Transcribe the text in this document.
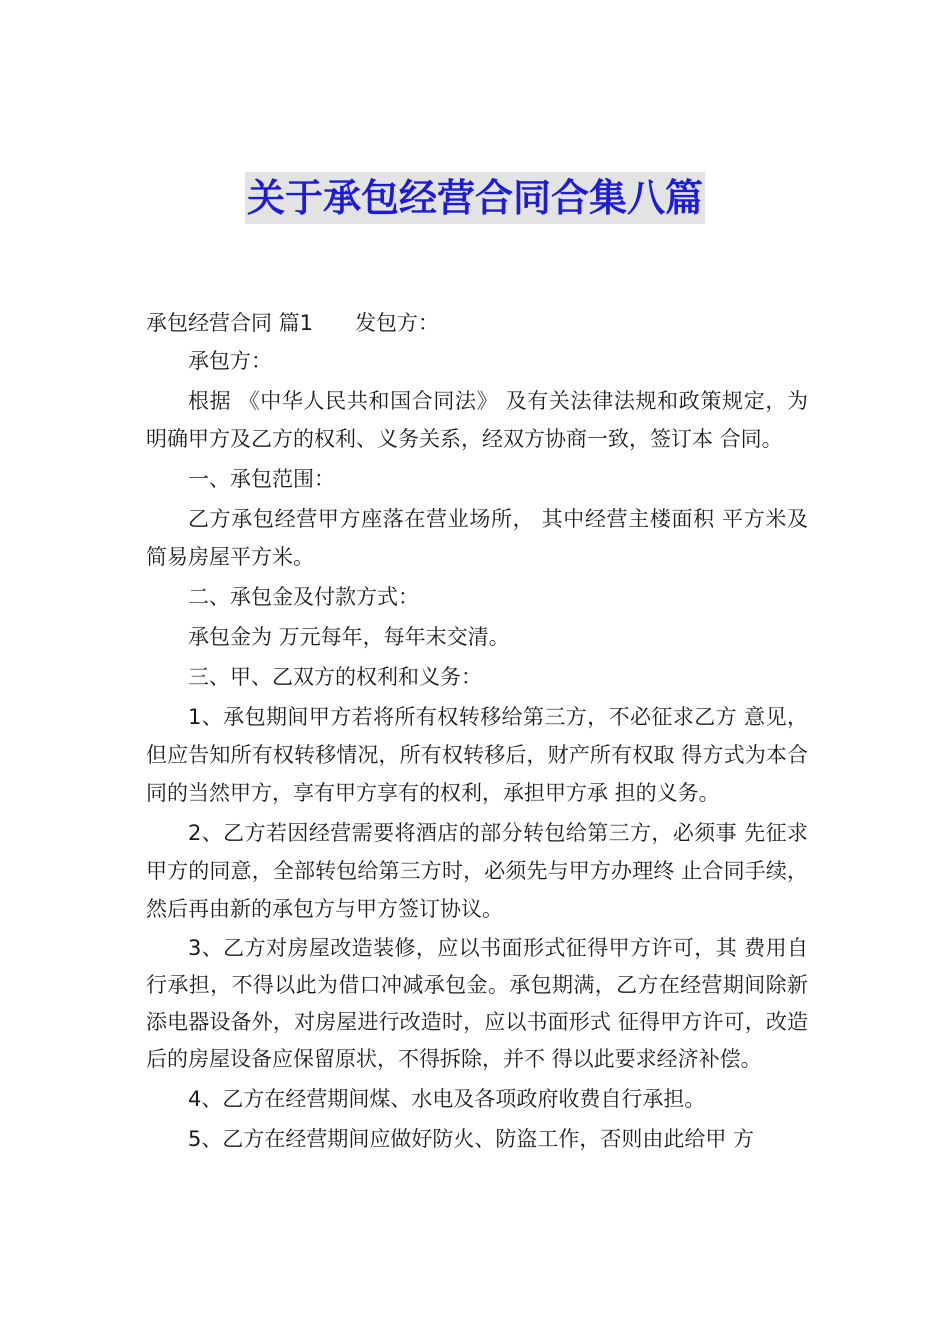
关于承包经营合同合集八篇

承包经营合同 篇1 发包方：

承包方：

根据 《中华人民共和国合同法》 及有关法律法规和政策规定，为明确甲方及乙方的权利、义务关系，经双方协商一致，签订本 合同。

一、承包范围：

乙方承包经营甲方座落在营业场所， 其中经营主楼面积 平方米及简易房屋平方米。

二、承包金及付款方式：

承包金为 万元每年，每年末交清。

三、甲、乙双方的权利和义务：

1、承包期间甲方若将所有权转移给第三方，不必征求乙方 意见，但应告知所有权转移情况，所有权转移后，财产所有权取 得方式为本合同的当然甲方，享有甲方享有的权利，承担甲方承 担的义务。

2、乙方若因经营需要将酒店的部分转包给第三方，必须事 先征求甲方的同意，全部转包给第三方时，必须先与甲方办理终 止合同手续，然后再由新的承包方与甲方签订协议。

3、乙方对房屋改造装修，应以书面形式征得甲方许可，其 费用自行承担，不得以此为借口冲减承包金。承包期满，乙方在经营期间除新添电器设备外，对房屋进行改造时，应以书面形式 征得甲方许可，改造后的房屋设备应保留原状，不得拆除，并不 得以此要求经济补偿。

4、乙方在经营期间煤、水电及各项政府收费自行承担。

5、乙方在经营期间应做好防火、防盗工作，否则由此给甲 方
